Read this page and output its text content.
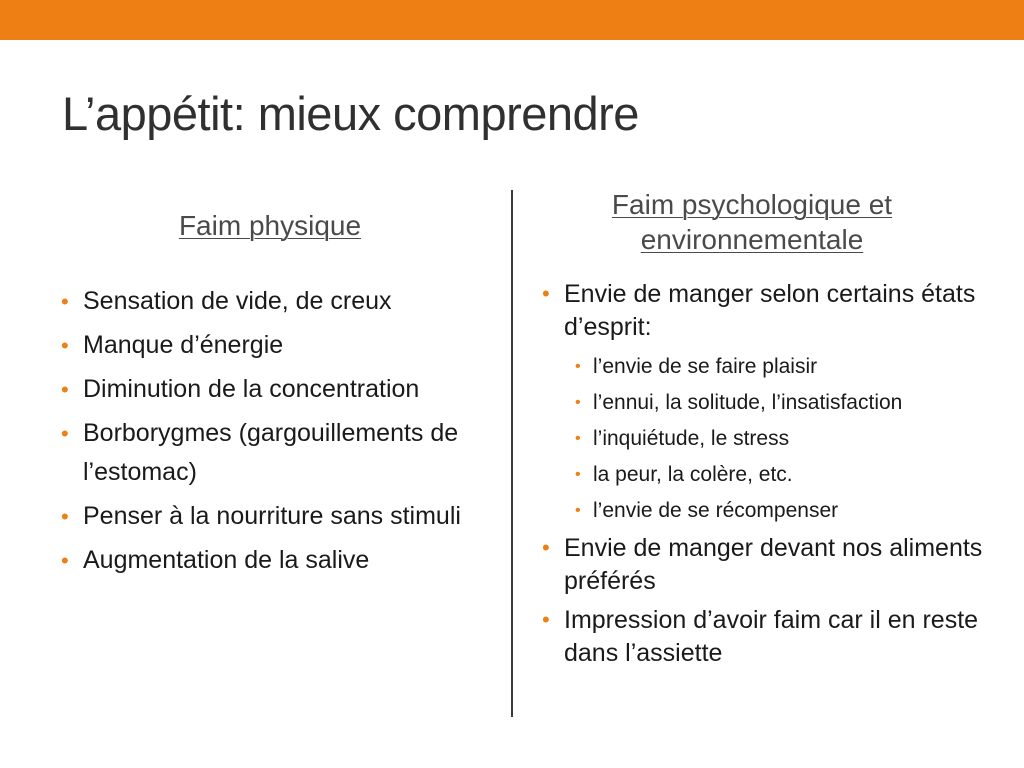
L’appétit: mieux comprendre
Faim physique
Faim psychologique et environnementale
• Sensation de vide, de creux
• Manque d’énergie
• Diminution de la concentration
• Borborygmes (gargouillements de l’estomac)
• Penser à la nourriture sans stimuli
• Augmentation de la salive
• Envie de manger selon certains états d’esprit:
• l’envie de se faire plaisir
• l’ennui, la solitude, l’insatisfaction
• l’inquiétude, le stress
• la peur, la colère, etc.
• l’envie de se récompenser
• Envie de manger devant nos aliments préférés
• Impression d’avoir faim car il en reste dans l’assiette
